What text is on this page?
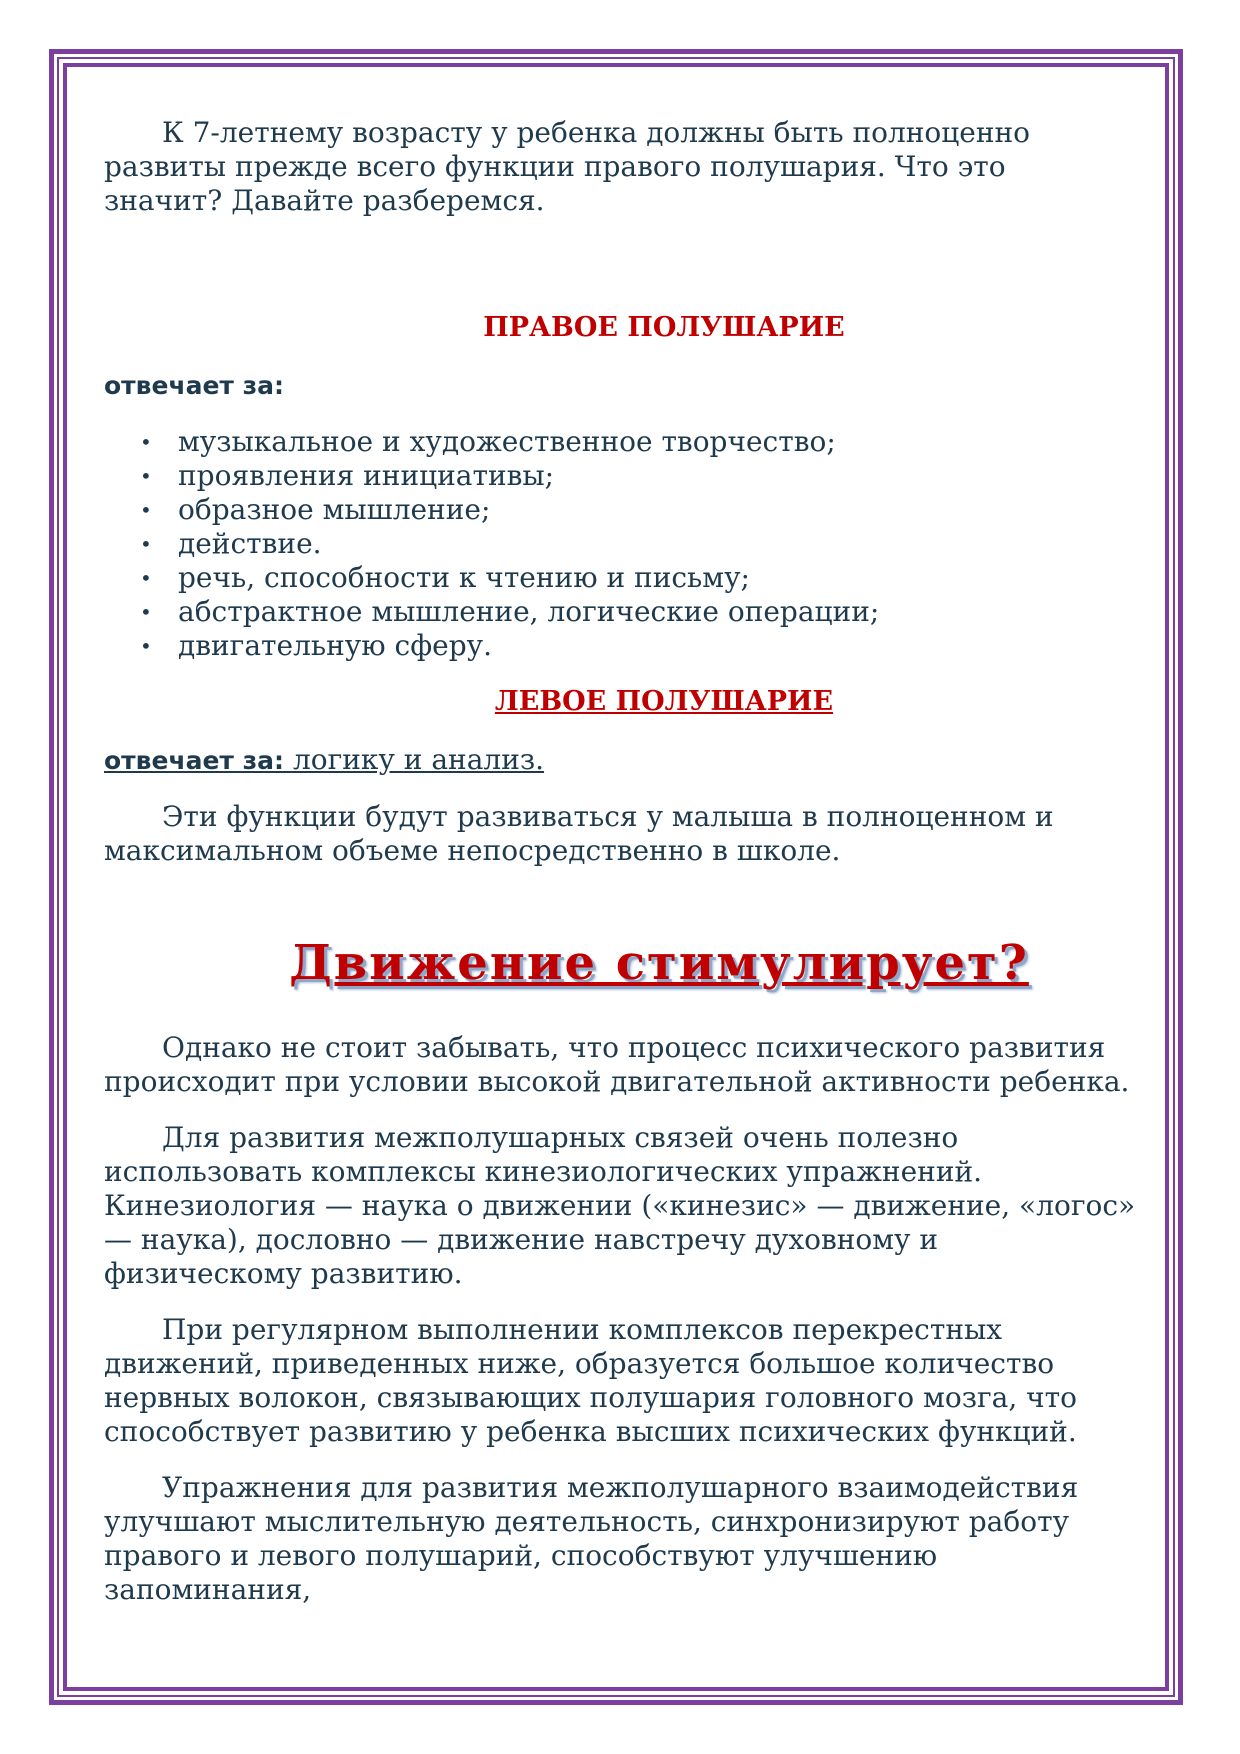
К 7-летнему возрасту у ребенка должны быть полноценно развиты прежде всего функции правого полушария. Что это значит? Давайте разберемся.

ПРАВОЕ ПОЛУШАРИЕ

отвечает за:

• музыкальное и художественное творчество;
• проявления инициативы;
• образное мышление;
• действие.
• речь, способности к чтению и письму;
• абстрактное мышление, логические операции;
• двигательную сферу.
ЛЕВОЕ ПОЛУШАРИЕ

отвечает за: логику и анализ.

Эти функции будут развиваться у малыша в полноценном и максимальном объеме непосредственно в школе.

Движение стимулирует?

Однако не стоит забывать, что процесс психического развития происходит при условии высокой двигательной активности ребенка.

Для развития межполушарных связей очень полезно использовать комплексы кинезиологических упражнений. Кинезиология — наука о движении («кинезис» — движение, «логос» — наука), дословно — движение навстречу духовному и физическому развитию.

При регулярном выполнении комплексов перекрестных движений, приведенных ниже, образуется большое количество нервных волокон, связывающих полушария головного мозга, что способствует развитию у ребенка высших психических функций.

Упражнения для развития межполушарного взаимодействия улучшают мыслительную деятельность, синхронизируют работу правого и левого полушарий, способствуют улучшению запоминания,
